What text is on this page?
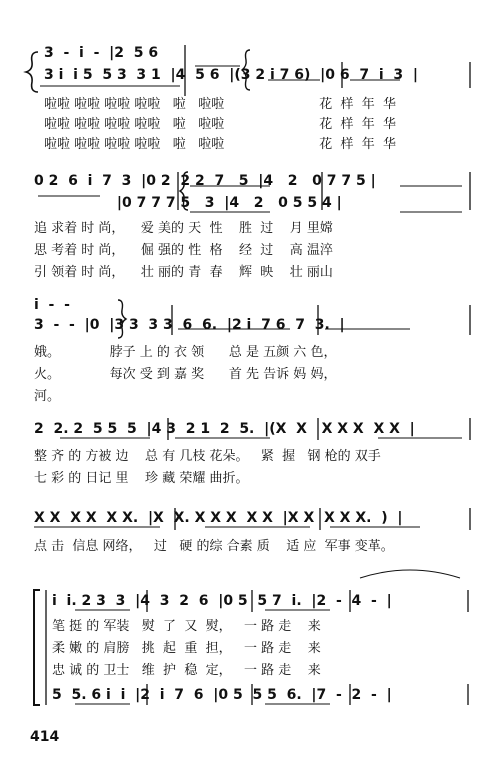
3  -  i  -  |2  5 6
3 i  i 5  5 3  3 1  |4  5 6  |(3 2 i 7 6)  |0 6  7  i  3  |
啦啦 啦啦 啦啦 啦啦   啦   啦啦                       花  样  年  华
啦啦 啦啦 啦啦 啦啦   啦   啦啦                       花  样  年  华
啦啦 啦啦 啦啦 啦啦   啦   啦啦                       花  样  年  华
0 2  6  i  7  3  |0 2  2 2  7   5  |4   2   0 7 7 5 |
|0 7 7 7 5   3  |4   2   0 5 5 4 |
追 求着 时 尚，    爱 美的 天  性    胜  过    月 里嫦
思 考着 时 尚，    倔 强的 性  格    经  过    高 温淬
引 领着 时 尚，    壮 丽的 青  春    辉  映    壮 丽山
i  -  -
3  -  -  |0  |3 3  3 3  6  6.  |2 i  7 6  7  3.  |
娥。            脖子 上 的 衣 领      总 是 五颜 六 色，
火。            每次 受 到 嘉 奖      首 先 告诉 妈 妈，
河。
2  2. 2  5 5  5  |4 3  2 1  2  5.  |(X  X   X X X  X X  |
整 齐 的 方被 边    总 有 几枝 花朵。   紧  握   钢 枪的 双手
七 彩 的 日记 里    珍 藏 荣耀 曲折。
X X  X X  X X.  |X  X. X X X  X X  |X X  X X X.  )  |
点 击  信息 网络，   过   硬 的综 合素 质    适 应  军事 变革。
i  i. 2 3  3  |4  3  2  6  |0 5  5 7  i.  |2  -  4  -  |
笔 挺 的 军装   熨  了  又  熨，   一 路 走    来
柔 嫩 的 肩膀   挑  起  重  担，   一 路 走    来
忠 诚 的 卫士   维  护  稳  定，   一 路 走    来
5  5. 6 i  i  |2  i  7  6  |0 5  5 5  6.  |7  -  2  -  |
414
